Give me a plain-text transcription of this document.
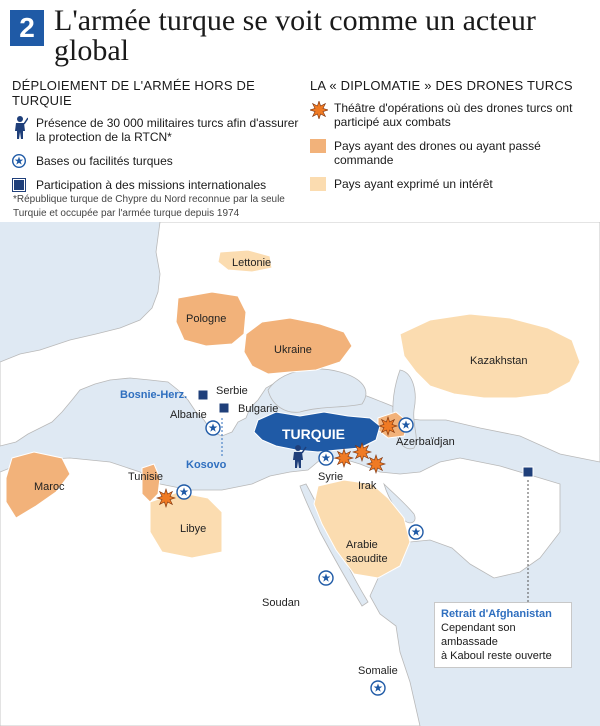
2 L'armée turque se voit comme un acteur global
DÉPLOIEMENT DE L'ARMÉE HORS DE TURQUIE
Présence de 30 000 militaires turcs afin d'assurer la protection de la RTCN*
Bases ou facilités turques
Participation à des missions internationales
*République turque de Chypre du Nord reconnue par la seule Turquie et occupée par l'armée turque depuis 1974
LA « DIPLOMATIE » DES DRONES TURCS
Théâtre d'opérations où des drones turcs ont participé aux combats
Pays ayant des drones ou ayant passé commande
Pays ayant exprimé un intérêt
TURQUIE
Lettonie
Pologne
Ukraine
Kazakhstan
Bosnie-Herz.	Serbie
Albanie	Bulgarie
Kosovo
Azerbaïdjan
Tunisie
Maroc
Syrie
Irak
Libye
Arabie
saoudite
Soudan
Somalie
Retrait d'Afghanistan
Cependant son ambassade
à Kaboul reste ouverte
